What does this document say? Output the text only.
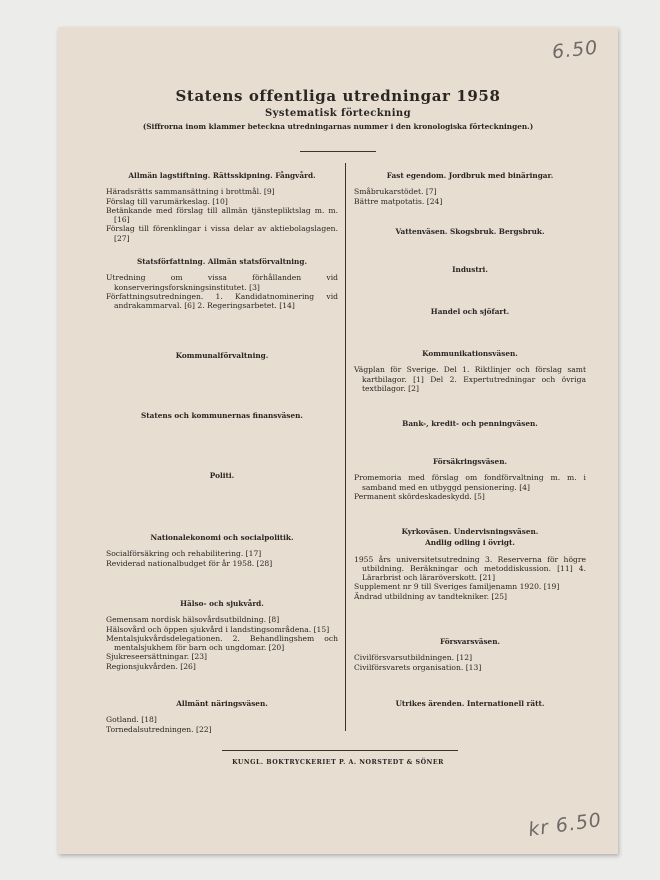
6.50
Statens offentliga utredningar 1958
Systematisk förteckning
(Siffrorna inom klammer beteckna utredningarnas nummer i den kronologiska förteckningen.)
Allmän lagstiftning. Rättsskipning. Fångvård.
Häradsrätts sammansättning i brottmål. [9]
Förslag till varumärkeslag. [10]
Betänkande med förslag till allmän tjänstepliktslag m. m. [16]
Förslag till förenklingar i vissa delar av aktiebolagslagen. [27]
Statsförfattning. Allmän statsförvaltning.
Utredning om vissa förhållanden vid konserveringsforskningsinstitutet. [3]
Författningsutredningen. 1. Kandidatnominering vid andrakammarval. [6] 2. Regeringsarbetet. [14]
Kommunalförvaltning.
Statens och kommunernas finansväsen.
Politi.
Nationalekonomi och socialpolitik.
Socialförsäkring och rehabilitering. [17]
Reviderad nationalbudget för år 1958. [28]
Hälso- och sjukvård.
Gemensam nordisk hälsovårdsutbildning. [8]
Hälsovård och öppen sjukvård i landstingsområdena. [15]
Mentalsjukvårdsdelegationen. 2. Behandlingshem och mentalsjukhem för barn och ungdomar. [20]
Sjukreseersättningar. [23]
Regionsjukvården. [26]
Allmänt näringsväsen.
Gotland. [18]
Tornedalsutredningen. [22]
Fast egendom. Jordbruk med binäringar.
Småbrukarstödet. [7]
Bättre matpotatis. [24]
Vattenväsen. Skogsbruk. Bergsbruk.
Industri.
Handel och sjöfart.
Kommunikationsväsen.
Vägplan för Sverige. Del 1. Riktlinjer och förslag samt kartbilagor. [1] Del 2. Expertutredningar och övriga textbilagor. [2]
Bank-, kredit- och penningväsen.
Försäkringsväsen.
Promemoria med förslag om fondförvaltning m. m. i samband med en utbyggd pensionering. [4]
Permanent skördeskadeskydd. [5]
Kyrkoväsen. Undervisningsväsen.
Andlig odling i övrigt.
1955 års universitetsutredning 3. Reserverna för högre utbildning. Beräkningar och metoddiskussion. [11] 4. Lärarbrist och läraröverskott. [21]
Supplement nr 9 till Sveriges familjenamn 1920. [19]
Ändrad utbildning av tandtekniker. [25]
Försvarsväsen.
Civilförsvarsutbildningen. [12]
Civilförsvarets organisation. [13]
Utrikes ärenden. Internationell rätt.
KUNGL. BOKTRYCKERIET P. A. NORSTEDT & SÖNER
kr 6.50
